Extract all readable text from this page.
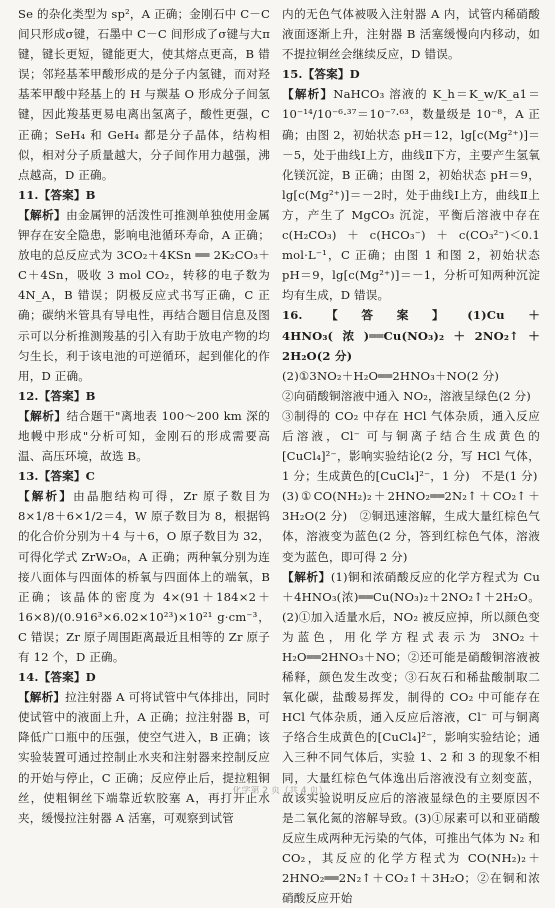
Se 的杂化类型为 sp²，A 正确；金刚石中 C－C 间只形成σ键，石墨中 C－C 间形成了σ键与大π键，键长更短，键能更大，使其熔点更高，B 错误；邻羟基苯甲酸形成的是分子内氢键，而对羟基苯甲酸中羟基上的 H 与羰基 O 形成分子间氢键，因此羧基更易电离出氢离子，酸性更强，C 正确；SeH₄ 和 GeH₄ 都是分子晶体，结构相似，相对分子质量越大，分子间作用力越强，沸点越高，D 正确。

11.【答案】B

【解析】由金属钾的活泼性可推测单独使用金属钾存在安全隐患，影响电池循环寿命，A 正确；放电的总反应式为 3CO₂＋4KSn ══ 2K₂CO₃＋C＋4Sn，吸收 3 mol CO₂，转移的电子数为 4N_A，B 错误；阴极反应式书写正确，C 正确；碳纳米管具有导电性，再结合题目信息及图示可以分析推测羧基的引入有助于放电产物的均匀生长，利于该电池的可逆循环，起到催化的作用，D 正确。

12.【答案】B

【解析】结合题干"离地表 100～200 km 深的地幔中形成"分析可知，金刚石的形成需要高温、高压环境，故选 B。

13.【答案】C

【解析】由晶胞结构可得，Zr 原子数目为 8×1/8＋6×1/2＝4，W 原子数目为 8，根据钨的化合价分别为＋4 与＋6，O 原子数目为 32，可得化学式 ZrW₂O₈，A 正确；两种氧分别为连接八面体与四面体的桥氧与四面体上的端氧，B 正确；该晶体的密度为 4×(91＋184×2＋16×8)/(0.916³×6.02×10²³)×10²¹ g·cm⁻³，C 错误；Zr 原子周围距离最近且相等的 Zr 原子有 12 个，D 正确。

14.【答案】D

【解析】拉注射器 A 可将试管中气体排出，同时使试管中的液面上升，A 正确；拉注射器 B，可降低广口瓶中的压强，使空气进入，B 正确；该实验装置可通过控制止水夹和注射器来控制反应的开始与停止，C 正确；反应停止后，提拉粗铜丝，使粗铜丝下端靠近软胶塞 A，再打开止水夹，缓慢拉注射器 A 活塞，可观察到试管

内的无色气体被吸入注射器 A 内，试管内稀硝酸液面逐渐上升，注射器 B 活塞缓慢向内移动，如不提拉铜丝会继续反应，D 错误。

15.【答案】D

【解析】NaHCO₃ 溶液的 K_h＝K_w/K_a1＝10⁻¹⁴/10⁻⁶·³⁷＝10⁻⁷·⁶³，数量级是 10⁻⁸，A 正确；由图 2，初始状态 pH＝12，lg[c(Mg²⁺)]＝－5，处于曲线Ⅰ上方，曲线Ⅱ下方，主要产生氢氧化镁沉淀，B 正确；由图 2，初始状态 pH＝9，lg[c(Mg²⁺)]＝－2时，处于曲线Ⅰ上方，曲线Ⅱ上方，产生了 MgCO₃ 沉淀，平衡后溶液中存在 c(H₂CO₃)＋c(HCO₃⁻)＋c(CO₃²⁻)＜0.1 mol·L⁻¹，C 正确；由图 1 和图 2，初始状态 pH＝9，lg[c(Mg²⁺)]＝－1，分析可知两种沉淀均有生成，D 错误。

16.【答案】(1)Cu＋4HNO₃(浓)══Cu(NO₃)₂＋2NO₂↑＋2H₂O(2 分)

(2)①3NO₂＋H₂O══2HNO₃＋NO(2 分)

②向硝酸铜溶液中通入 NO₂，溶液呈绿色(2 分)

③制得的 CO₂ 中存在 HCl 气体杂质，通入反应后溶液，Cl⁻ 可与铜离子结合生成黄色的 [CuCl₄]²⁻，影响实验结论(2 分，写 HCl 气体，1 分；生成黄色的[CuCl₄]²⁻，1 分)　不是(1 分)

(3)①CO(NH₂)₂＋2HNO₂══2N₂↑＋CO₂↑＋3H₂O(2 分)　②铜迅速溶解，生成大量红棕色气体，溶液变为蓝色(2 分，答到红棕色气体，溶液变为蓝色，即可得 2 分)

【解析】(1)铜和浓硝酸反应的化学方程式为 Cu＋4HNO₃(浓)══Cu(NO₃)₂＋2NO₂↑＋2H₂O。(2)①加入适量水后，NO₂ 被反应掉，所以颜色变为蓝色，用化学方程式表示为 3NO₂＋H₂O══2HNO₃＋NO；②还可能是硝酸铜溶液被稀释，颜色发生改变；③石灰石和稀盐酸制取二氧化碳，盐酸易挥发，制得的 CO₂ 中可能存在 HCl 气体杂质，通入反应后溶液，Cl⁻ 可与铜离子络合生成黄色的[CuCl₄]²⁻，影响实验结论；通入三种不同气体后，实验 1、2 和 3 的现象不相同，大量红棕色气体逸出后溶液没有立刻变蓝，故该实验说明反应后的溶液显绿色的主要原因不是二氧化氮的溶解导致。(3)①尿素可以和亚硝酸反应生成两种无污染的气体，可推出气体为 N₂ 和 CO₂，其反应的化学方程式为 CO(NH₂)₂＋2HNO₂══2N₂↑＋CO₂↑＋3H₂O；②在铜和浓硝酸反应开始

化学第 2 页（共 4 页）
